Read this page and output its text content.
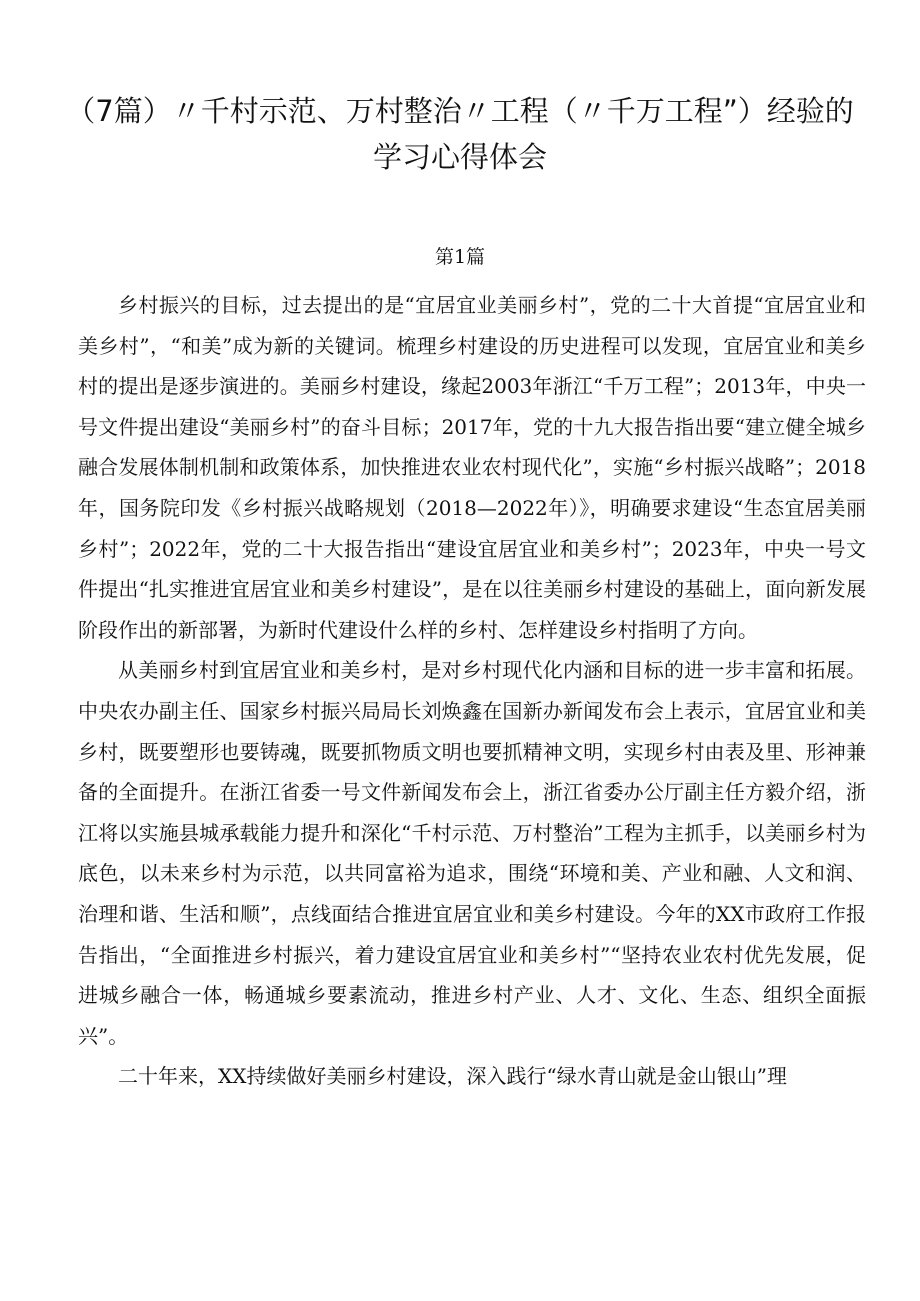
（7篇）〃千村示范、万村整治〃工程（〃千万工程”）经验的学习心得体会
第1篇

乡村振兴的目标，过去提出的是“宜居宜业美丽乡村”，党的二十大首提“宜居宜业和美乡村”，“和美”成为新的关键词。梳理乡村建设的历史进程可以发现，宜居宜业和美乡村的提出是逐步演进的。美丽乡村建设，缘起2003年浙江“千万工程”；2013年，中央一号文件提出建设“美丽乡村”的奋斗目标；2017年，党的十九大报告指出要“建立健全城乡融合发展体制机制和政策体系，加快推进农业农村现代化”，实施“乡村振兴战略”；2018年，国务院印发《乡村振兴战略规划（2018—2022年）》，明确要求建设“生态宜居美丽乡村”；2022年，党的二十大报告指出“建设宜居宜业和美乡村”；2023年，中央一号文件提出“扎实推进宜居宜业和美乡村建设”，是在以往美丽乡村建设的基础上，面向新发展阶段作出的新部署，为新时代建设什么样的乡村、怎样建设乡村指明了方向。

从美丽乡村到宜居宜业和美乡村，是对乡村现代化内涵和目标的进一步丰富和拓展。中央农办副主任、国家乡村振兴局局长刘焕鑫在国新办新闻发布会上表示，宜居宜业和美乡村，既要塑形也要铸魂，既要抓物质文明也要抓精神文明，实现乡村由表及里、形神兼备的全面提升。在浙江省委一号文件新闻发布会上，浙江省委办公厅副主任方毅介绍，浙江将以实施县城承载能力提升和深化“千村示范、万村整治”工程为主抓手，以美丽乡村为底色，以未来乡村为示范，以共同富裕为追求，围绕“环境和美、产业和融、人文和润、治理和谐、生活和顺”，点线面结合推进宜居宜业和美乡村建设。今年的XX市政府工作报告指出，“全面推进乡村振兴，着力建设宜居宜业和美乡村”“坚持农业农村优先发展，促进城乡融合一体，畅通城乡要素流动，推进乡村产业、人才、文化、生态、组织全面振兴”。

二十年来，XX持续做好美丽乡村建设，深入践行“绿水青山就是金山银山”理
